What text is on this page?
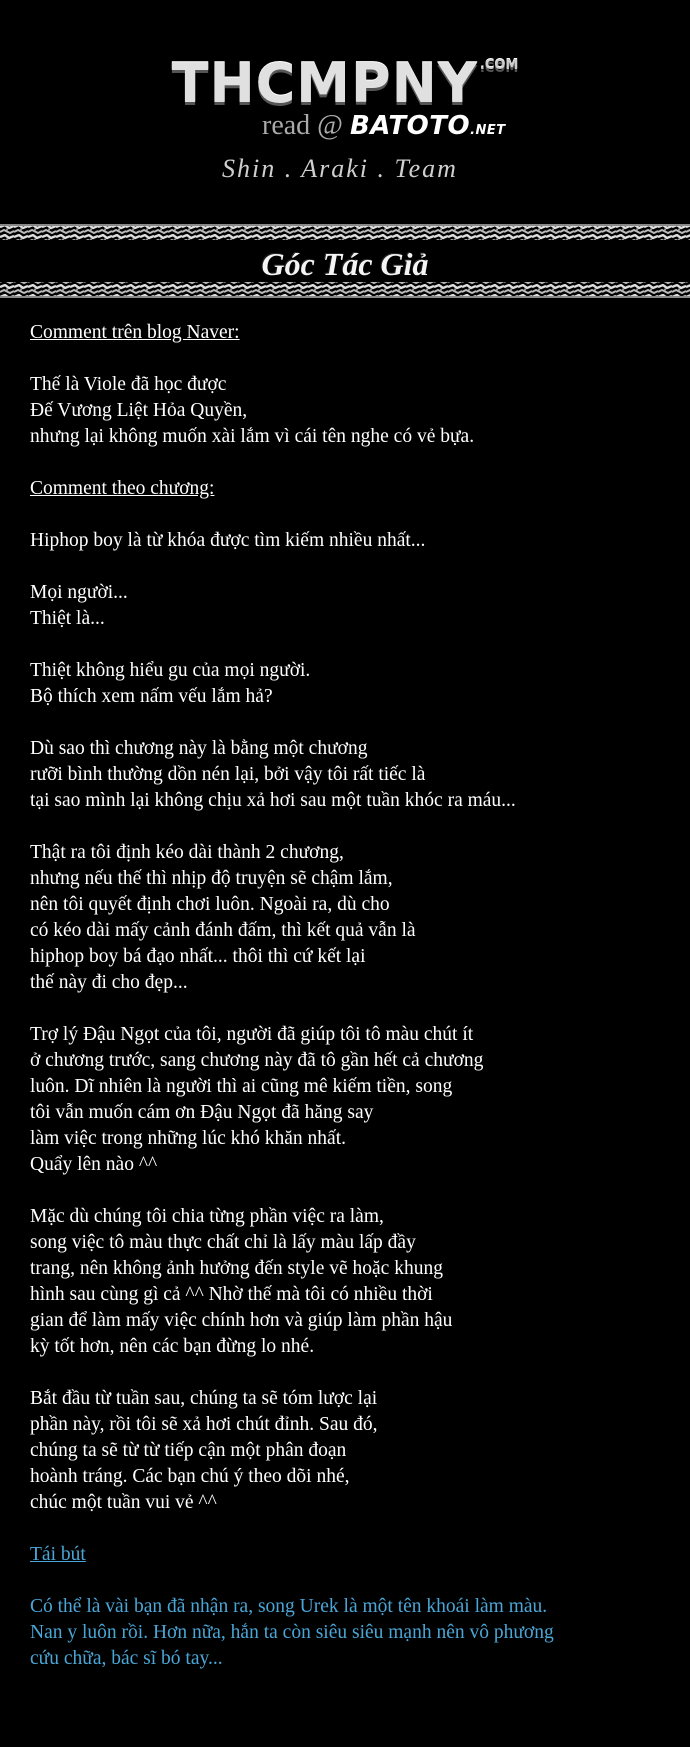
THCMPNY $^{.COM}$
read @ BATOTO.NET
Shin . Araki . Team
Góc Tác Giả
Comment trên blog Naver:
Thế là Viole đã học được
Đế Vương Liệt Hỏa Quyền,
nhưng lại không muốn xài lắm vì cái tên nghe có vẻ bựa.
Comment theo chương:
Hiphop boy là từ khóa được tìm kiếm nhiều nhất...
Mọi người...
Thiệt là...
Thiệt không hiểu gu của mọi người.
Bộ thích xem nấm vếu lắm hả?
Dù sao thì chương này là bằng một chương
rưỡi bình thường dồn nén lại, bởi vậy tôi rất tiếc là
tại sao mình lại không chịu xả hơi sau một tuần khóc ra máu...
Thật ra tôi định kéo dài thành 2 chương,
nhưng nếu thế thì nhịp độ truyện sẽ chậm lắm,
nên tôi quyết định chơi luôn. Ngoài ra, dù cho
có kéo dài mấy cảnh đánh đấm, thì kết quả vẫn là
hiphop boy bá đạo nhất... thôi thì cứ kết lại
thế này đi cho đẹp...
Trợ lý Đậu Ngọt của tôi, người đã giúp tôi tô màu chút ít
ở chương trước, sang chương này đã tô gần hết cả chương
luôn. Dĩ nhiên là người thì ai cũng mê kiếm tiền, song
tôi vẫn muốn cám ơn Đậu Ngọt đã hăng say
làm việc trong những lúc khó khăn nhất.
Quẩy lên nào ^^
Mặc dù chúng tôi chia từng phần việc ra làm,
song việc tô màu thực chất chỉ là lấy màu lấp đầy
trang, nên không ảnh hưởng đến style vẽ hoặc khung
hình sau cùng gì cả ^^ Nhờ thế mà tôi có nhiều thời
gian để làm mấy việc chính hơn và giúp làm phần hậu
kỳ tốt hơn, nên các bạn đừng lo nhé.
Bắt đầu từ tuần sau, chúng ta sẽ tóm lược lại
phần này, rồi tôi sẽ xả hơi chút đỉnh. Sau đó,
chúng ta sẽ từ từ tiếp cận một phân đoạn
hoành tráng. Các bạn chú ý theo dõi nhé,
chúc một tuần vui vẻ ^^
Tái bút
Có thể là vài bạn đã nhận ra, song Urek là một tên khoái làm màu.
Nan y luôn rồi. Hơn nữa, hắn ta còn siêu siêu mạnh nên vô phương
cứu chữa, bác sĩ bó tay...
